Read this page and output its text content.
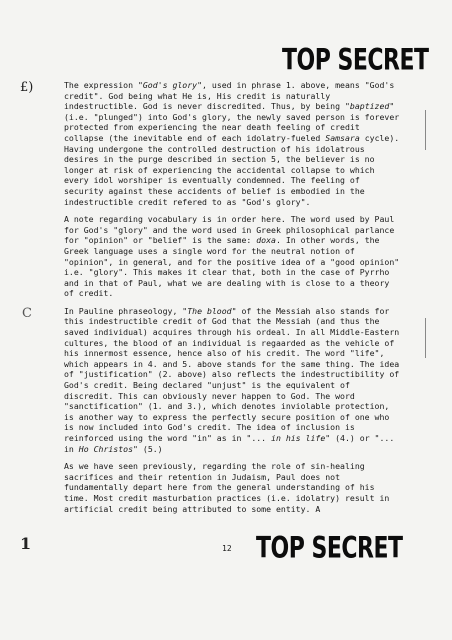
TOP SECRET
£)
C
1

The expression "God's glory", used in phrase 1. above, means "God's credit". God being what He is, His credit is naturally indestructible. God is never discredited. Thus, by being "baptized" (i.e. "plunged") into God's glory, the newly saved person is forever protected from experiencing the near death feeling of credit collapse (the inevitable end of each idolatry-fueled Samsara cycle). Having undergone the controlled destruction of his idolatrous desires in the purge described in section 5, the believer is no longer at risk of experiencing the accidental collapse to which every idol worshiper is eventually condemned. The feeling of security against these accidents of belief is embodied in the indestructible credit refered to as "God's glory".

A note regarding vocabulary is in order here. The word used by Paul for God's "glory" and the word used in Greek philosophical parlance for "opinion" or "belief" is the same: doxa. In other words, the Greek language uses a single word for the neutral notion of "opinion", in general, and for the positive idea of a "good opinion" i.e. "glory". This makes it clear that, both in the case of Pyrrho and in that of Paul, what we are dealing with is close to a theory of credit.

In Pauline phraseology, "The blood" of the Messiah also stands for this indestructible credit of God that the Messiah (and thus the saved individual) acquires through his ordeal. In all Middle-Eastern cultures, the blood of an individual is regaarded as the vehicle of his innermost essence, hence also of his credit. The word "life", which appears in 4. and 5. above stands for the same thing. The idea of "justification" (2. above) also reflects the indestructibility of God's credit. Being declared "unjust" is the equivalent of discredit. This can obviously never happen to God. The word "sanctification" (1. and 3.), which denotes inviolable protection, is another way to express the perfectly secure position of one who is now included into God's credit. The idea of inclusion is reinforced using the word "in" as in "... in his life" (4.) or "... in Ho Christos" (5.)

As we have seen previously, regarding the role of sin-healing sacrifices and their retention in Judaism, Paul does not fundamentally depart here from the general understanding of his time. Most credit masturbation practices (i.e. idolatry) result in artificial credit being attributed to some entity. A

12 TOP SECRET
